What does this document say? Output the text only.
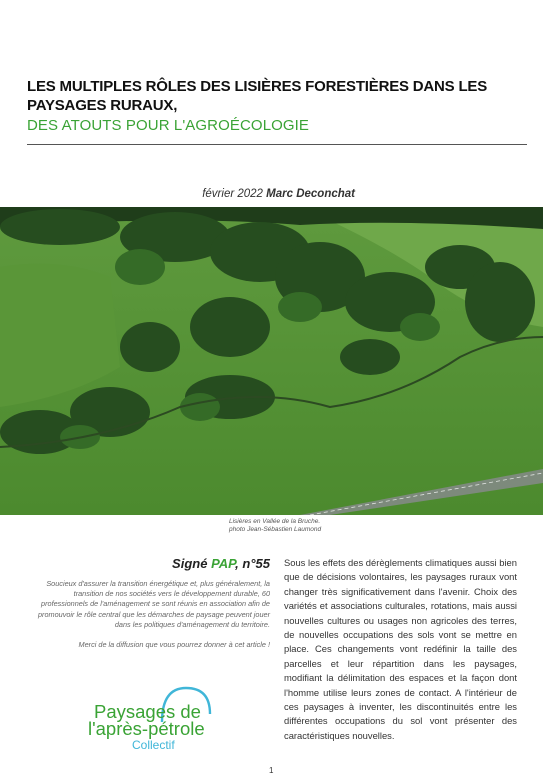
LES MULTIPLES RÔLES DES LISIÈRES FORESTIÈRES DANS LES PAYSAGES RURAUX,
DES ATOUTS POUR L'AGROÉCOLOGIE
février 2022 Marc Deconchat
Lisières en Vallée de la Bruche.
photo Jean-Sébastien Laumond

Signé PAP, n°55

Soucieux d'assurer la transition énergétique et, plus généralement, la transition de nos sociétés vers le développement durable, 60 professionnels de l'aménagement se sont réunis en association afin de promouvoir le rôle central que les démarches de paysage peuvent jouer dans les politiques d'aménagement du territoire.

Merci de la diffusion que vous pourrez donner à cet article !

Paysages de
l'après-pétrole
Collectif

Sous les effets des dérèglements climatiques aussi bien que de décisions volontaires, les paysages ruraux vont changer très significativement dans l'avenir. Choix des variétés et associations culturales, rotations, mais aussi nouvelles cultures ou usages non agricoles des terres, de nouvelles occupations des sols vont se mettre en place. Ces changements vont redéfinir la taille des parcelles et leur répartition dans les paysages, modifiant la délimitation des espaces et la façon dont l'homme utilise leurs zones de contact. A l'intérieur de ces paysages à inventer, les discontinuités entre les différentes occupations du sol vont présenter des caractéristiques nouvelles.

1
